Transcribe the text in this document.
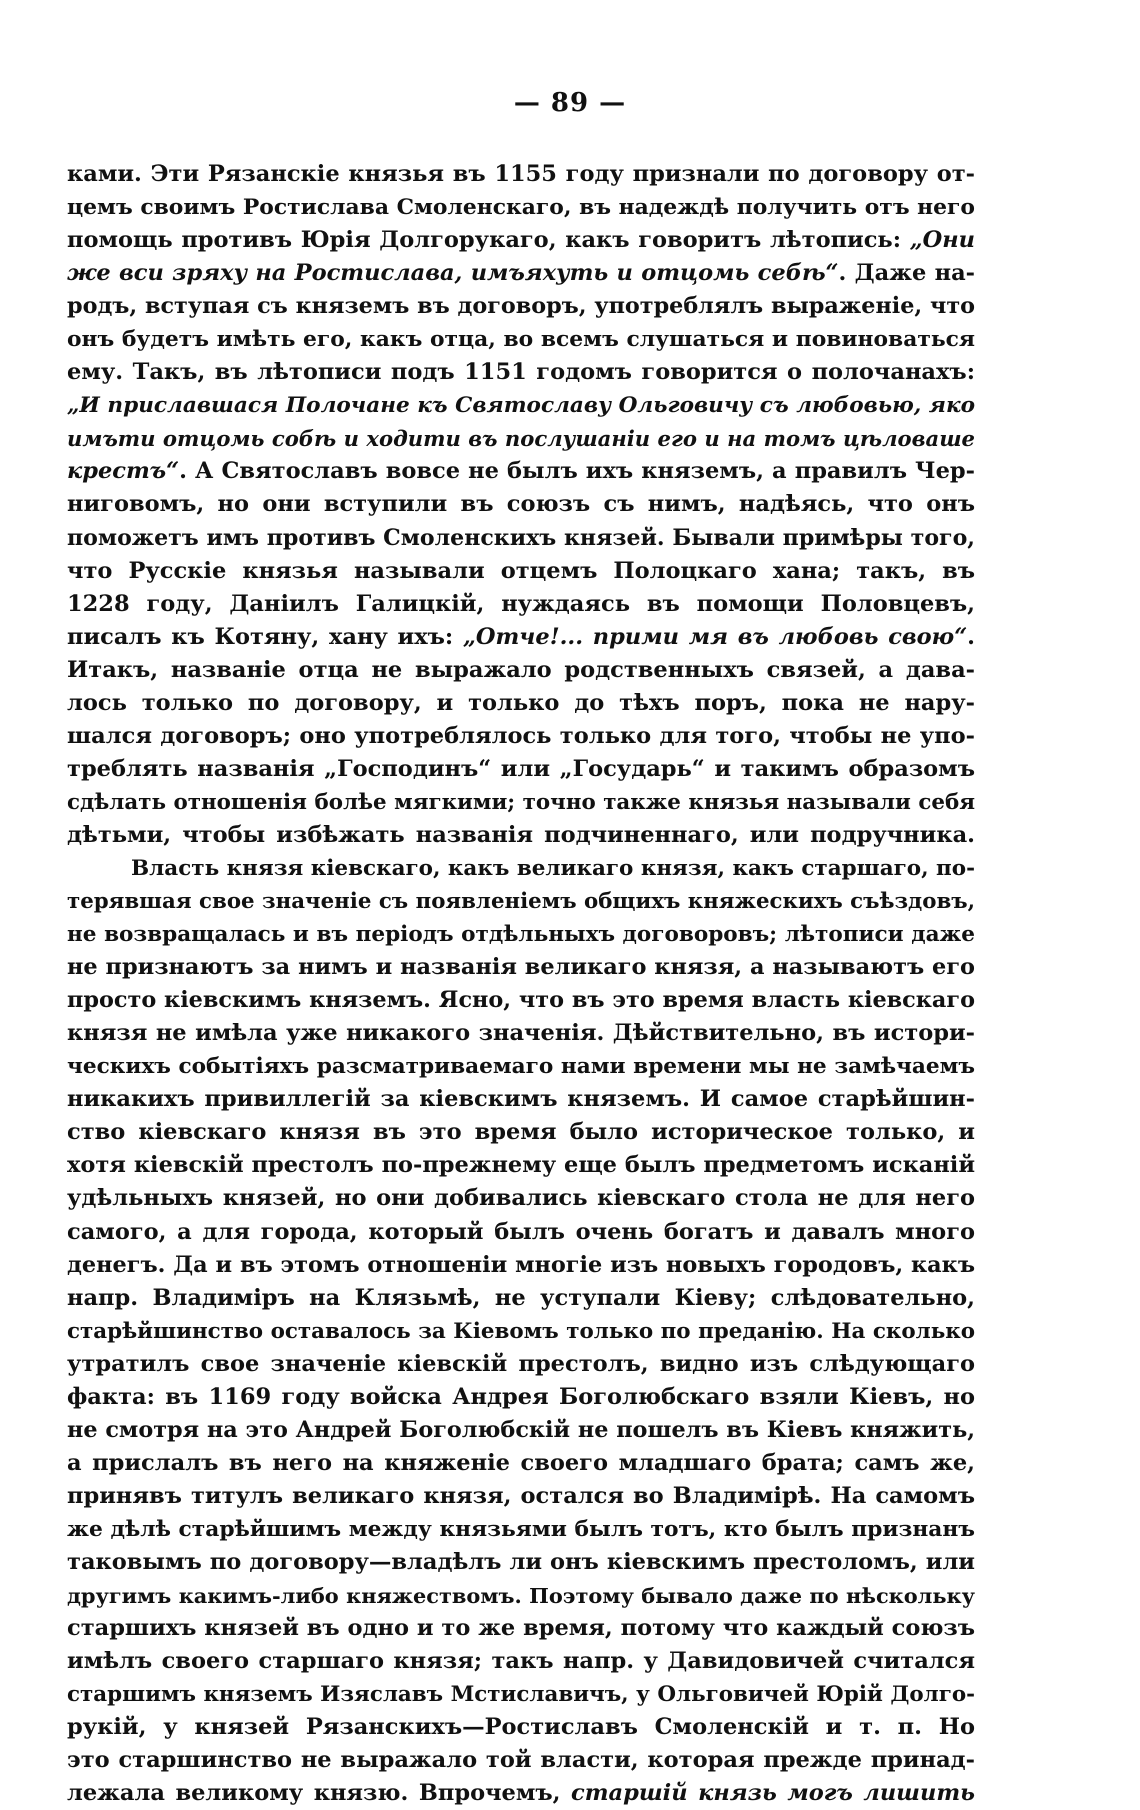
— 89 —
ками. Эти Рязанскіе князья въ 1155 году признали по договору от-
цемъ своимъ Ростислава Смоленскаго, въ надеждѣ получить отъ него
помощь противъ Юрія Долгорукаго, какъ говоритъ лѣтопись: „Они
же вси зряху на Ростислава, имъяхуть и отцомь себѣ“. Даже на-
родъ, вступая съ княземъ въ договоръ, употреблялъ выраженіе, что
онъ будетъ имѣть его, какъ отца, во всемъ слушаться и повиноваться
ему. Такъ, въ лѣтописи подъ 1151 годомъ говорится о полочанахъ:
„И приславшася Полочане къ Святославу Ольговичу съ любовью, яко
имъти отцомь собѣ и ходити въ послушаніи его и на томъ цѣловаше
крестъ“. А Святославъ вовсе не былъ ихъ княземъ, а правилъ Чер-
ниговомъ, но они вступили въ союзъ съ нимъ, надѣясь, что онъ
поможетъ имъ противъ Смоленскихъ князей. Бывали примѣры того,
что Русскіе князья называли отцемъ Полоцкаго хана; такъ, въ
1228 году, Даніилъ Галицкій, нуждаясь въ помощи Половцевъ,
писалъ къ Котяну, хану ихъ: „Отче!... прими мя въ любовь свою“.
Итакъ, названіе отца не выражало родственныхъ связей, а дава-
лось только по договору, и только до тѣхъ поръ, пока не нару-
шался договоръ; оно употреблялось только для того, чтобы не упо-
треблять названія „Господинъ“ или „Государь“ и такимъ образомъ
сдѣлать отношенія болѣе мягкими; точно также князья называли себя
дѣтьми, чтобы избѣжать названія подчиненнаго, или подручника.
Власть князя кіевскаго, какъ великаго князя, какъ старшаго, по-
терявшая свое значеніе съ появленіемъ общихъ княжескихъ съѣздовъ,
не возвращалась и въ періодъ отдѣльныхъ договоровъ; лѣтописи даже
не признаютъ за нимъ и названія великаго князя, а называютъ его
просто кіевскимъ княземъ. Ясно, что въ это время власть кіевскаго
князя не имѣла уже никакого значенія. Дѣйствительно, въ истори-
ческихъ событіяхъ разсматриваемаго нами времени мы не замѣчаемъ
никакихъ привиллегій за кіевскимъ княземъ. И самое старѣйшин-
ство кіевскаго князя въ это время было историческое только, и
хотя кіевскій престолъ по-прежнему еще былъ предметомъ исканій
удѣльныхъ князей, но они добивались кіевскаго стола не для него
самого, а для города, который былъ очень богатъ и давалъ много
денегъ. Да и въ этомъ отношеніи многіе изъ новыхъ городовъ, какъ
напр. Владиміръ на Клязьмѣ, не уступали Кіеву; слѣдовательно,
старѣйшинство оставалось за Кіевомъ только по преданію. На сколько
утратилъ свое значеніе кіевскій престолъ, видно изъ слѣдующаго
факта: въ 1169 году войска Андрея Боголюбскаго взяли Кіевъ, но
не смотря на это Андрей Боголюбскій не пошелъ въ Кіевъ княжить,
а прислалъ въ него на княженіе своего младшаго брата; самъ же,
принявъ титулъ великаго князя, остался во Владимірѣ. На самомъ
же дѣлѣ старѣйшимъ между князьями былъ тотъ, кто былъ признанъ
таковымъ по договору—владѣлъ ли онъ кіевскимъ престоломъ, или
другимъ какимъ-либо княжествомъ. Поэтому бывало даже по нѣскольку
старшихъ князей въ одно и то же время, потому что каждый союзъ
имѣлъ своего старшаго князя; такъ напр. у Давидовичей считался
старшимъ княземъ Изяславъ Мстиславичъ, у Ольговичей Юрій Долго-
рукій, у князей Рязанскихъ—Ростиславъ Смоленскій и т. п. Но
это старшинство не выражало той власти, которая прежде принад-
лежала великому князю. Впрочемъ, старшій князь могъ лишить
